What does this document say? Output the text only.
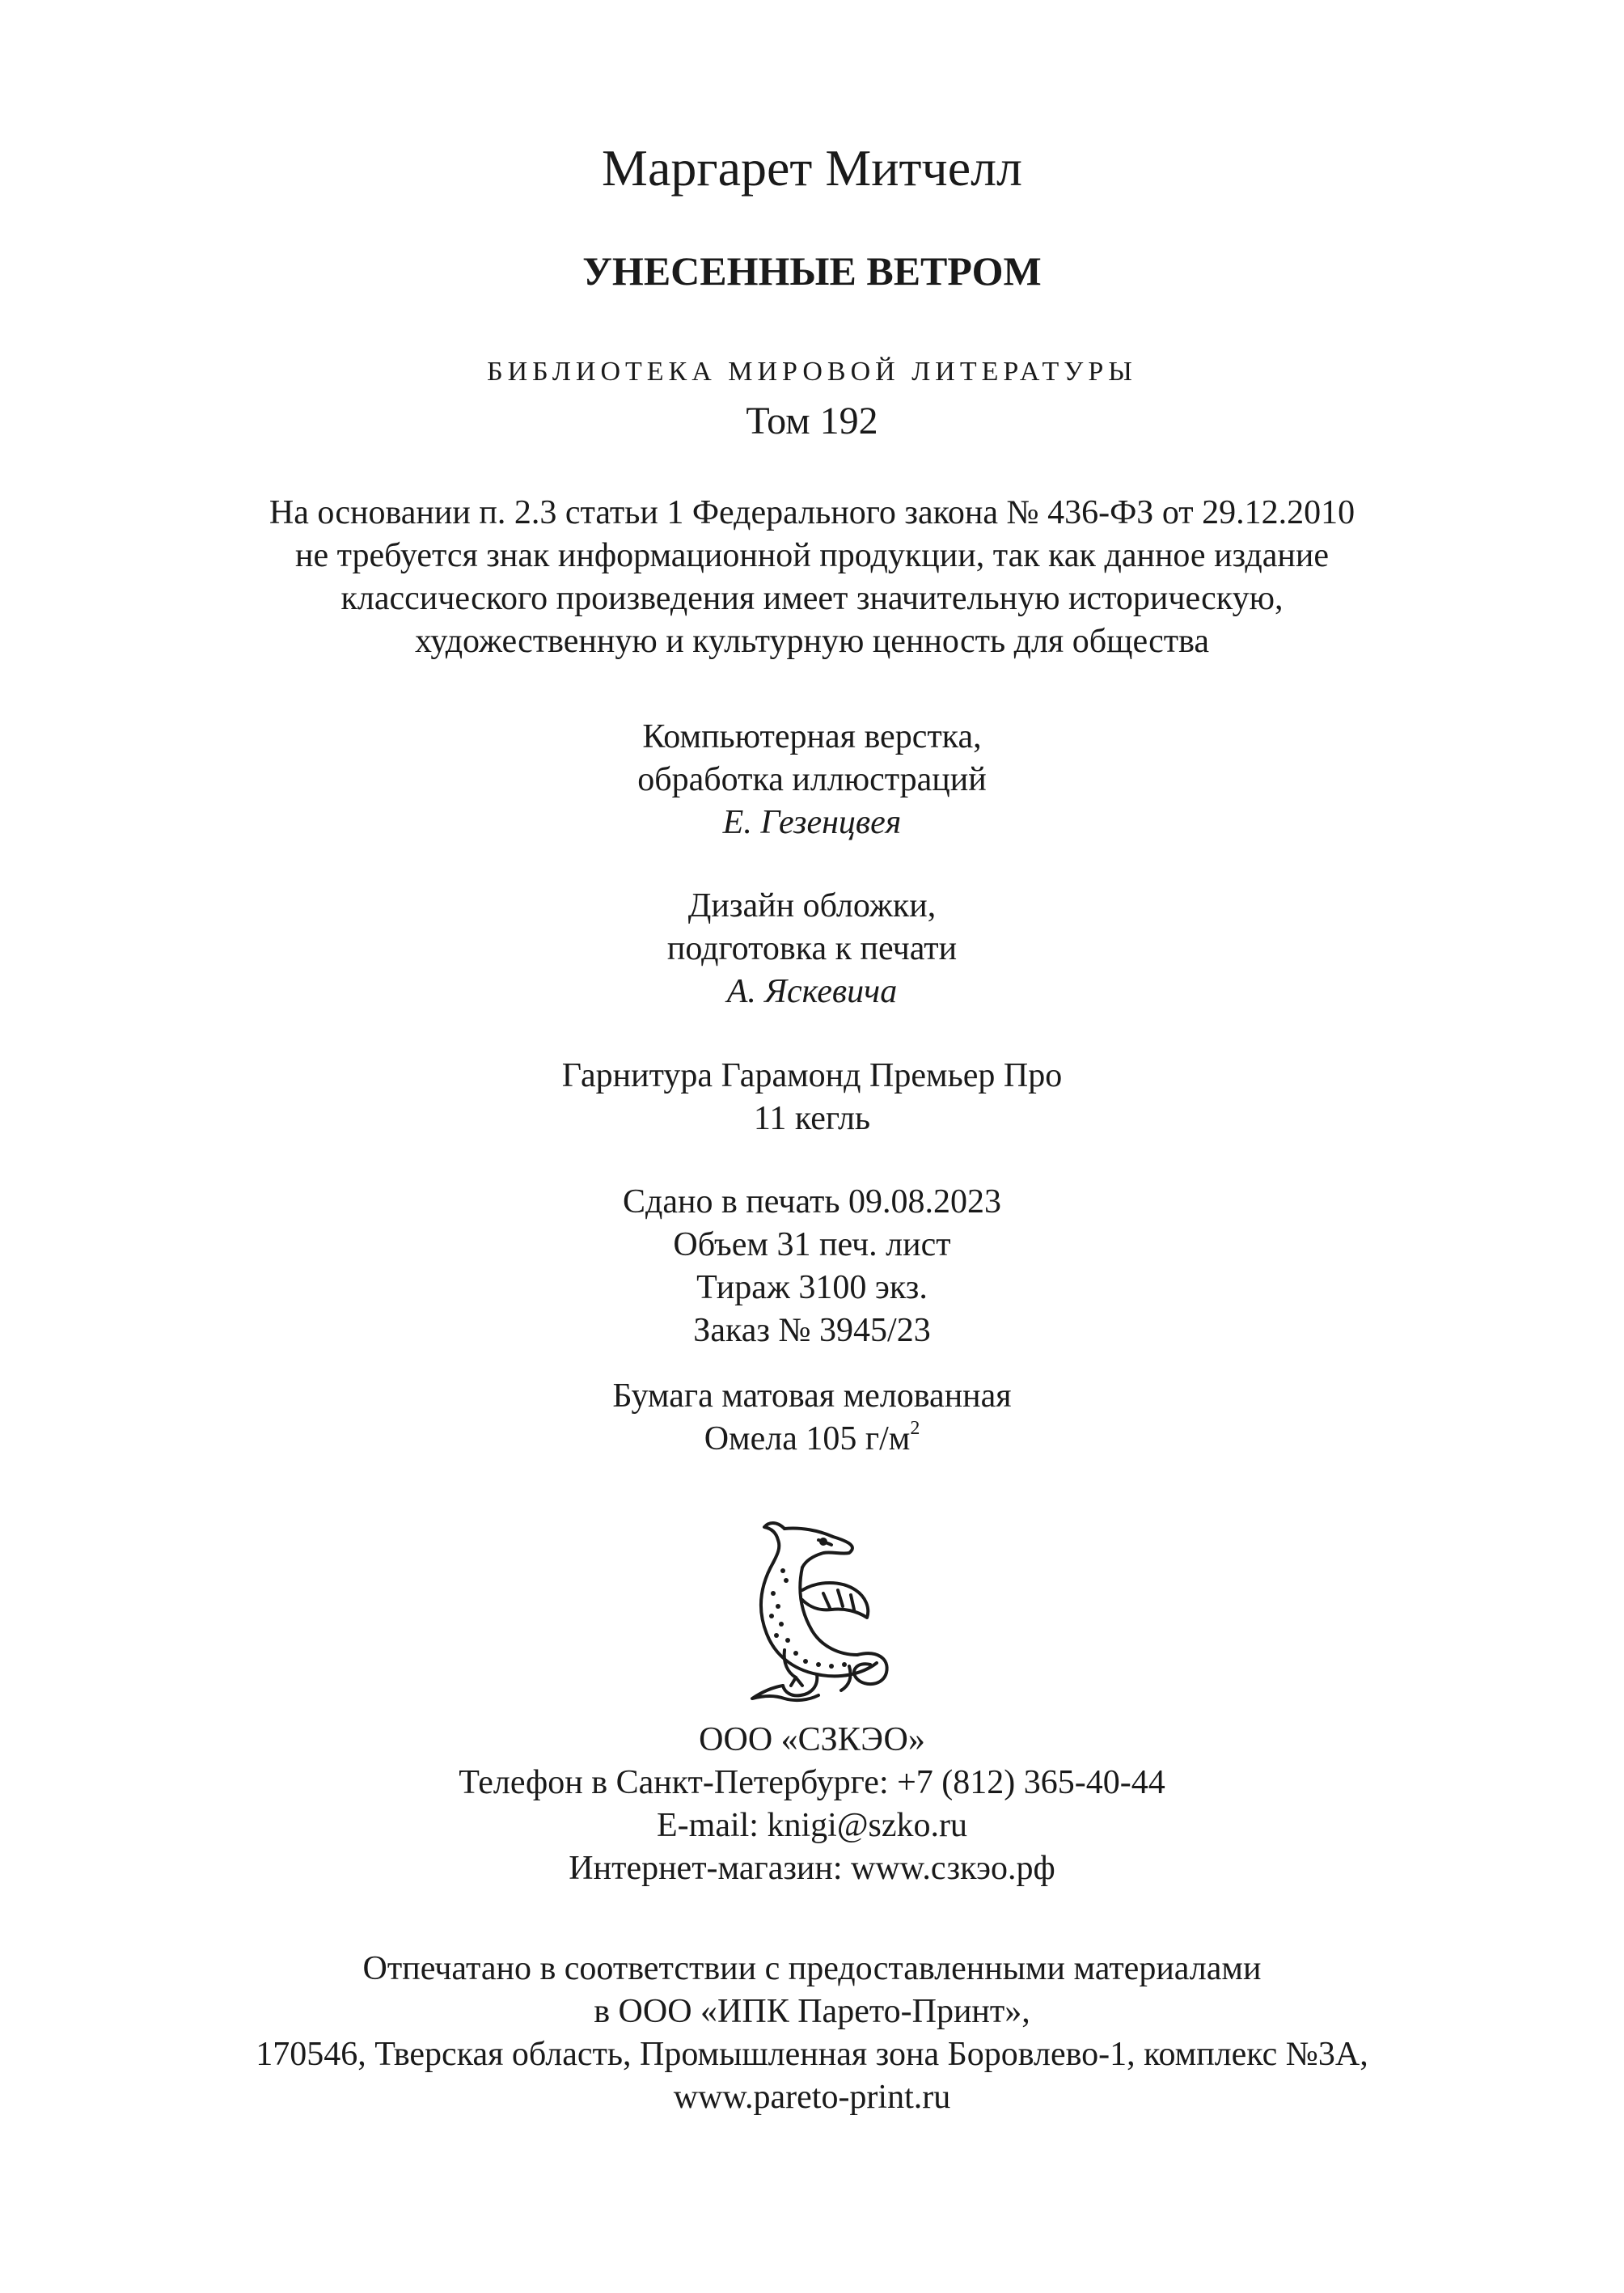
Маргарет Митчелл
УНЕСЕННЫЕ ВЕТРОМ
БИБЛИОТЕКА МИРОВОЙ ЛИТЕРАТУРЫ
Том 192
На основании п. 2.3 статьи 1 Федерального закона № 436-ФЗ от 29.12.2010
не требуется знак информационной продукции, так как данное издание
классического произведения имеет значительную историческую,
художественную и культурную ценность для общества
Компьютерная верстка,
обработка иллюстраций
Е. Гезенцвея
Дизайн обложки,
подготовка к печати
А. Яскевича
Гарнитура Гарамонд Премьер Про
11 кегль
Сдано в печать 09.08.2023
Объем 31 печ. лист
Тираж 3100 экз.
Заказ № 3945/23
Бумага матовая мелованная
Омела 105 $г/м^2$
ООО «СЗКЭО»
Телефон в Санкт-Петербурге: +7 (812) 365-40-44
E-mail: knigi@szko.ru
Интернет-магазин: www.сзкэо.рф
Отпечатано в соответствии с предоставленными материалами
в ООО «ИПК Парето-Принт»,
170546, Тверская область, Промышленная зона Боровлево-1, комплекс №3А,
www.pareto-print.ru
